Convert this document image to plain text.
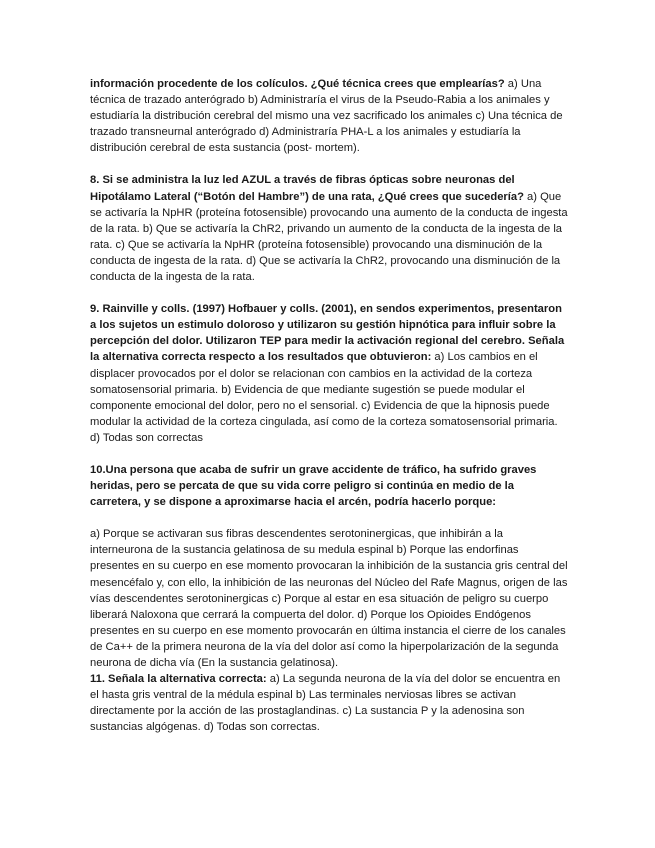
información procedente de los colículos. ¿Qué técnica crees que emplearías? a) Una técnica de trazado anterógrado b) Administraría el virus de la Pseudo-Rabia a los animales y estudiaría la distribución cerebral del mismo una vez sacrificado los animales c) Una técnica de trazado transneurnal anterógrado d) Administraría PHA-L a los animales y estudiaría la distribución cerebral de esta sustancia (post- mortem).

8. Si se administra la luz led AZUL a través de fibras ópticas sobre neuronas del Hipotálamo Lateral (“Botón del Hambre”) de una rata, ¿Qué crees que sucedería? a) Que se activaría la NpHR (proteína fotosensible) provocando una aumento de la conducta de ingesta de la rata. b) Que se activaría la ChR2, privando un aumento de la conducta de la ingesta de la rata. c) Que se activaría la NpHR (proteína fotosensible) provocando una disminución de la conducta de ingesta de la rata. d) Que se activaría la ChR2, provocando una disminución de la conducta de la ingesta de la rata.

9. Rainville y colls. (1997) Hofbauer y colls. (2001), en sendos experimentos, presentaron a los sujetos un estimulo doloroso y utilizaron su gestión hipnótica para influir sobre la percepción del dolor. Utilizaron TEP para medir la activación regional del cerebro. Señala la alternativa correcta respecto a los resultados que obtuvieron: a) Los cambios en el displacer provocados por el dolor se relacionan con cambios en la actividad de la corteza somatosensorial primaria. b) Evidencia de que mediante sugestión se puede modular el componente emocional del dolor, pero no el sensorial. c) Evidencia de que la hipnosis puede modular la actividad de la corteza cingulada, así como de la corteza somatosensorial primaria. d) Todas son correctas

10.Una persona que acaba de sufrir un grave accidente de tráfico, ha sufrido graves heridas, pero se percata de que su vida corre peligro si continúa en medio de la carretera, y se dispone a aproximarse hacia el arcén, podría hacerlo porque:

a) Porque se activaran sus fibras descendentes serotoninergicas, que inhibirán a la interneurona de la sustancia gelatinosa de su medula espinal b) Porque las endorfinas presentes en su cuerpo en ese momento provocaran la inhibición de la sustancia gris central del mesencéfalo y, con ello, la inhibición de las neuronas del Núcleo del Rafe Magnus, origen de las vías descendentes serotoninergicas c) Porque al estar en esa situación de peligro su cuerpo liberará Naloxona que cerrará la compuerta del dolor. d) Porque los Opioides Endógenos presentes en su cuerpo en ese momento provocarán en última instancia el cierre de los canales de Ca++ de la primera neurona de la vía del dolor así como la hiperpolarización de la segunda neurona de dicha vía (En la sustancia gelatinosa).

11. Señala la alternativa correcta: a) La segunda neurona de la vía del dolor se encuentra en el hasta gris ventral de la médula espinal b) Las terminales nerviosas libres se activan directamente por la acción de las prostaglandinas. c) La sustancia P y la adenosina son sustancias algógenas. d) Todas son correctas.
